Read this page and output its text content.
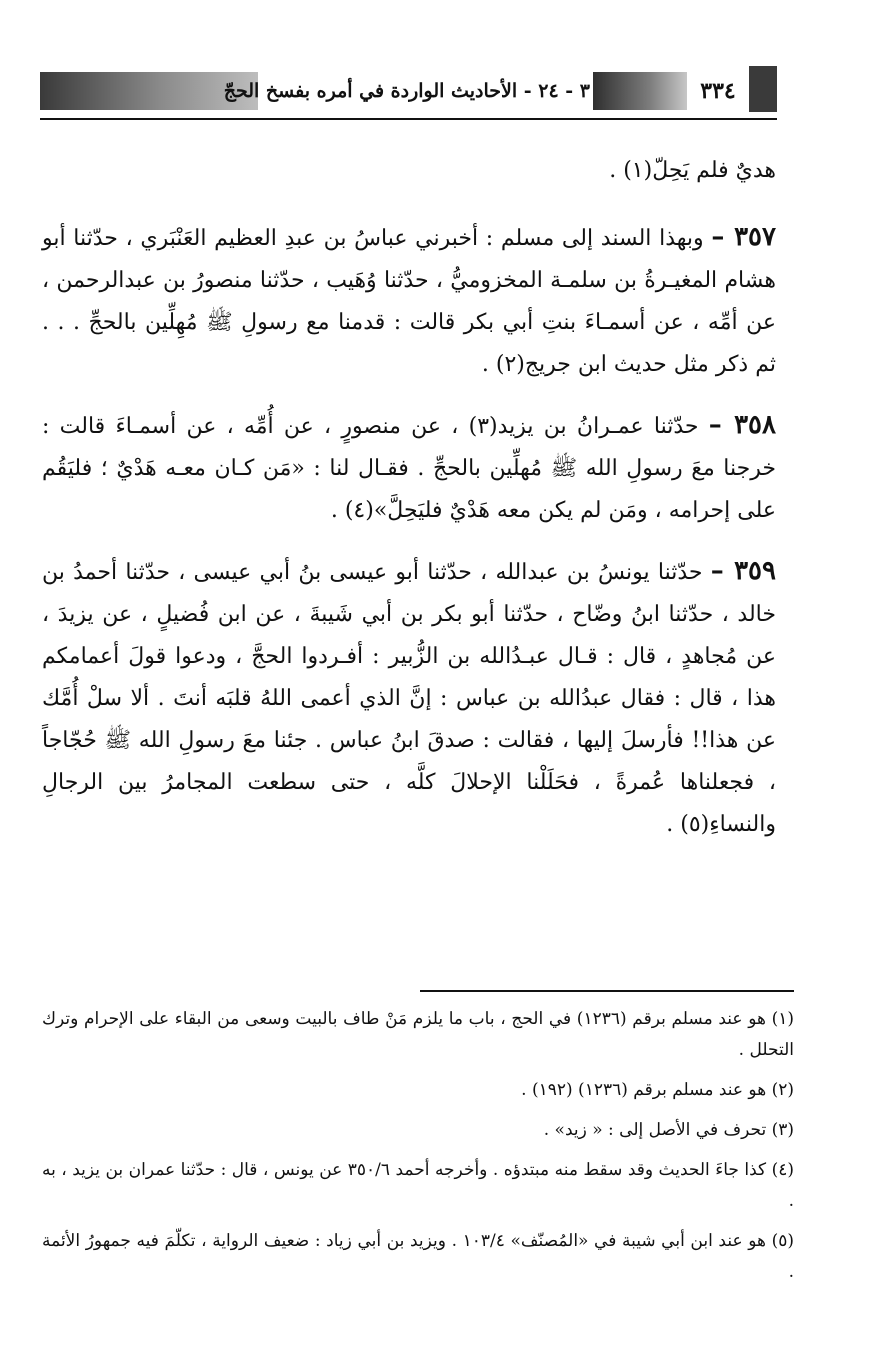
٣ - ٢٤ - الأحاديث الواردة في أمره بفسخ الحجّ	٣٣٤

هديٌ فلم يَحِلّ(١) .

٣٥٧ – وبهذا السند إلى مسلم : أخبرني عباسُ بن عبدِ العظيم العَنْبَري ، حدّثنا أبو هشام المغيـرةُ بن سلمـة المخزوميُّ ، حدّثنا وُهَيب ، حدّثنا منصورُ بن عبدالرحمن ، عن أمِّه ، عن أسمـاءَ بنتِ أبي بكر قالت : قدمنا مع رسولِ ﷺ مُهِلِّين بالحجِّ . . . ثم ذكر مثل حديث ابن جريج(٢) .

٣٥٨ – حدّثنا عمـرانُ بن يزيد(٣) ، عن منصورٍ ، عن أُمِّه ، عن أسمـاءَ قالت : خرجنا معَ رسولِ الله ﷺ مُهلِّين بالحجِّ . فقـال لنا : «مَن كـان معـه هَدْيٌ ؛ فليَقُم على إحرامه ، ومَن لم يكن معه هَدْيٌ فليَحِلَّ»(٤) .

٣٥٩ – حدّثنا يونسُ بن عبدالله ، حدّثنا أبو عيسى بنُ أبي عيسى ، حدّثنا أحمدُ بن خالد ، حدّثنا ابنُ وضّاح ، حدّثنا أبو بكر بن أبي شَيبةَ ، عن ابن فُضيلٍ ، عن يزيدَ ، عن مُجاهدٍ ، قال : قـال عبـدُالله بن الزُّبير : أفـردوا الحجَّ ، ودعوا قولَ أعمامكم هذا ، قال : فقال عبدُالله بن عباس : إنَّ الذي أعمى اللهُ قلبَه أنتَ . ألا سلْ أُمَّك عن هذا!! فأرسلَ إليها ، فقالت : صدقَ ابنُ عباس . جئنا معَ رسولِ الله ﷺ حُجّاجاً ، فجعلناها عُمرةً ، فحَلَلْنا الإحلالَ كلَّه ، حتى سطعت المجامرُ بين الرجالِ والنساءِ(٥) .

(١) هو عند مسلم برقم (١٢٣٦) في الحج ، باب ما يلزم مَنْ طاف بالبيت وسعى من البقاء على الإحرام وترك التحلل .

(٢) هو عند مسلم برقم (١٢٣٦) (١٩٢) .

(٣) تحرف في الأصل إلى : « زيد» .

(٤) كذا جاءَ الحديث وقد سقط منه مبتدؤه . وأخرجه أحمد ٣٥٠/٦ عن يونس ، قال : حدّثنا عمران بن يزيد ، به .

(٥) هو عند ابن أبي شيبة في «المُصنّف» ١٠٣/٤ . ويزيد بن أبي زياد : ضعيف الرواية ، تكلّمَ فيه جمهورُ الأئمة .
